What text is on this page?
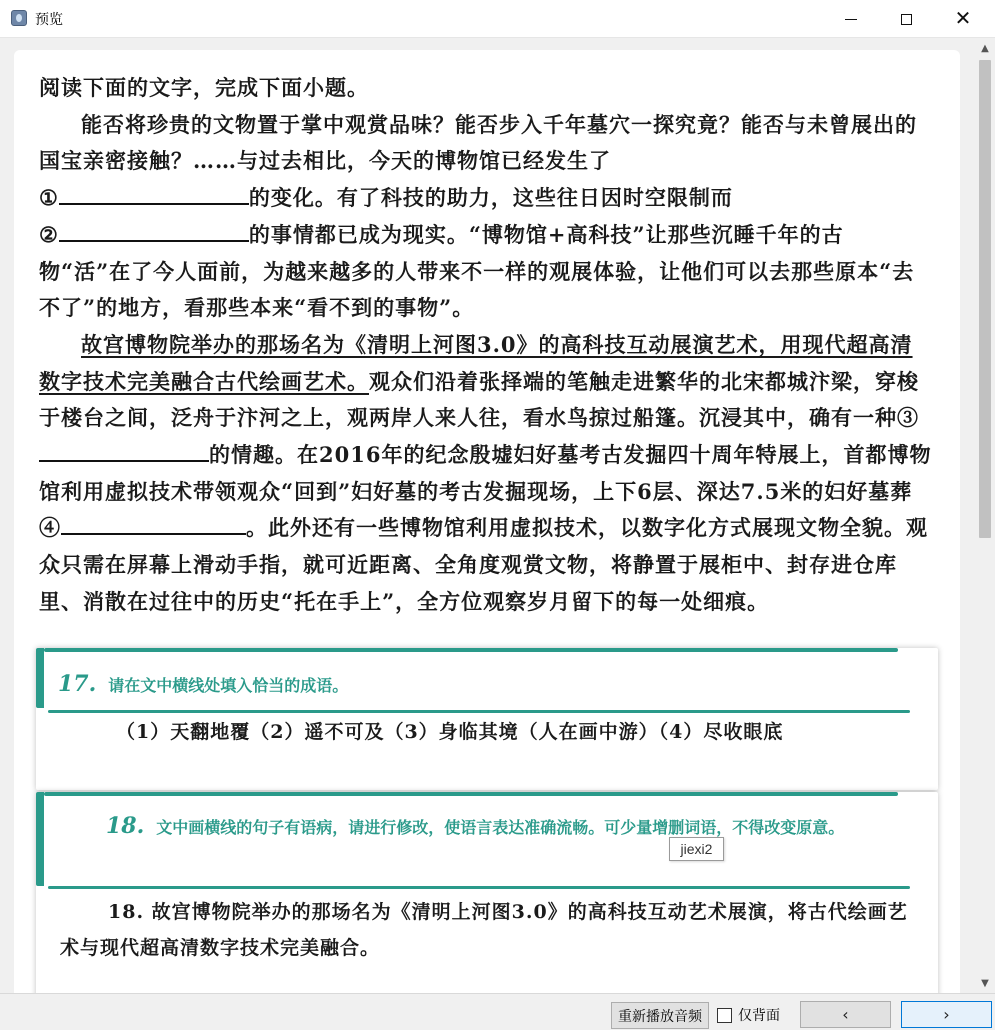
预览	✕
阅读下面的文字，完成下面小题。
能否将珍贵的文物置于掌中观赏品味？能否步入千年墓穴一探究竟？能否与未曾展出的国宝亲密接触？……与过去相比，今天的博物馆已经发生了
①	的变化。有了科技的助力，这些往日因时空限制而
②	的事情都已成为现实。“博物馆+高科技”让那些沉睡千年的古物“活”在了今人面前，为越来越多的人带来不一样的观展体验，让他们可以去那些原本“去不了”的地方，看那些本来“看不到的事物”。
故宫博物院举办的那场名为《清明上河图3.0》的高科技互动展演艺术，用现代超高清数字技术完美融合古代绘画艺术。观众们沿着张择端的笔触走进繁华的北宋都城汴梁，穿梭于楼台之间，泛舟于汴河之上，观两岸人来人往，看水鸟掠过船篷。沉浸其中，确有一种③的情趣。在2016年的纪念殷墟妇好墓考古发掘四十周年特展上，首都博物馆利用虚拟技术带领观众“回到”妇好墓的考古发掘现场，上下6层、深达7.5米的妇好墓葬④	。此外还有一些博物馆利用虚拟技术，以数字化方式展现文物全貌。观众只需在屏幕上滑动手指，就可近距离、全角度观赏文物，将静置于展柜中、封存进仓库里、消散在过往中的历史“托在手上”，全方位观察岁月留下的每一处细痕。
17. 请在文中横线处填入恰当的成语。
（1）天翻地覆（2）遥不可及（3）身临其境（人在画中游）（4）尽收眼底
18. 文中画横线的句子有语病，请进行修改，使语言表达准确流畅。可少量增删词语，不得改变原意。
18. 故宫博物院举办的那场名为《清明上河图3.0》的高科技互动艺术展演，将古代绘画艺术与现代超高清数字技术完美融合。
jiexi2
▲
▼
重新播放音频	仅背面	‹	›
